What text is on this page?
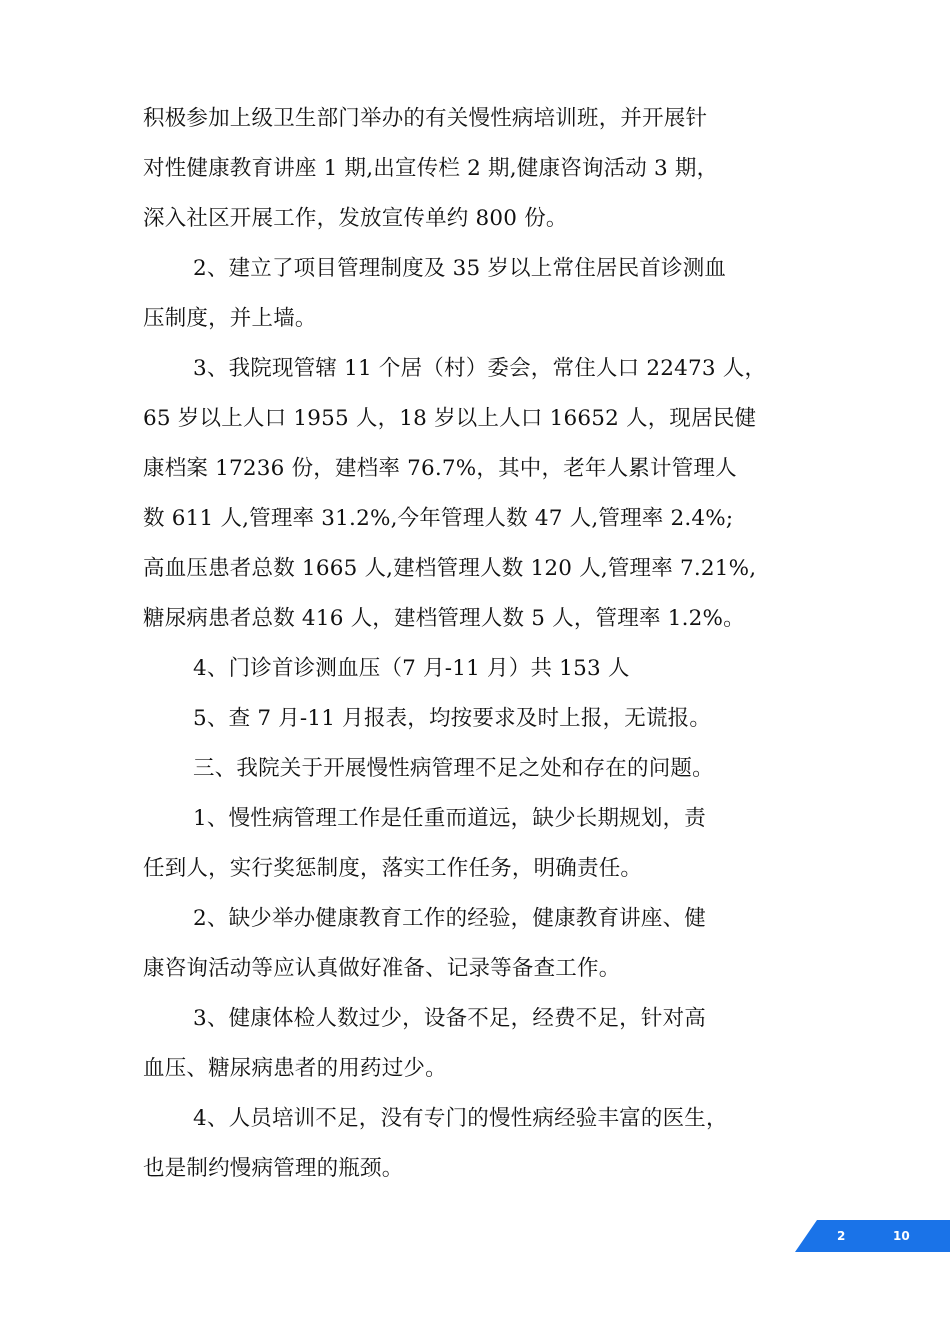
积极参加上级卫生部门举办的有关慢性病培训班，并开展针
对性健康教育讲座 1 期,出宣传栏 2 期,健康咨询活动 3 期，
深入社区开展工作，发放宣传单约 800 份。
2、建立了项目管理制度及 35 岁以上常住居民首诊测血
压制度，并上墙。
3、我院现管辖 11 个居（村）委会，常住人口 22473 人，
65 岁以上人口 1955 人，18 岁以上人口 16652 人，现居民健
康档案 17236 份，建档率 76.7%，其中，老年人累计管理人
数 611 人,管理率 31.2%,今年管理人数 47 人,管理率 2.4%;
高血压患者总数 1665 人,建档管理人数 120 人,管理率 7.21%,
糖尿病患者总数 416 人，建档管理人数 5 人，管理率 1.2%。
4、门诊首诊测血压（7 月-11 月）共 153 人
5、查 7 月-11 月报表，均按要求及时上报，无谎报。
三、我院关于开展慢性病管理不足之处和存在的问题。
1、慢性病管理工作是任重而道远，缺少长期规划，责
任到人，实行奖惩制度，落实工作任务，明确责任。
2、缺少举办健康教育工作的经验，健康教育讲座、健
康咨询活动等应认真做好准备、记录等备查工作。
3、健康体检人数过少，设备不足，经费不足，针对高
血压、糖尿病患者的用药过少。
4、人员培训不足，没有专门的慢性病经验丰富的医生，
也是制约慢病管理的瓶颈。
2	10
